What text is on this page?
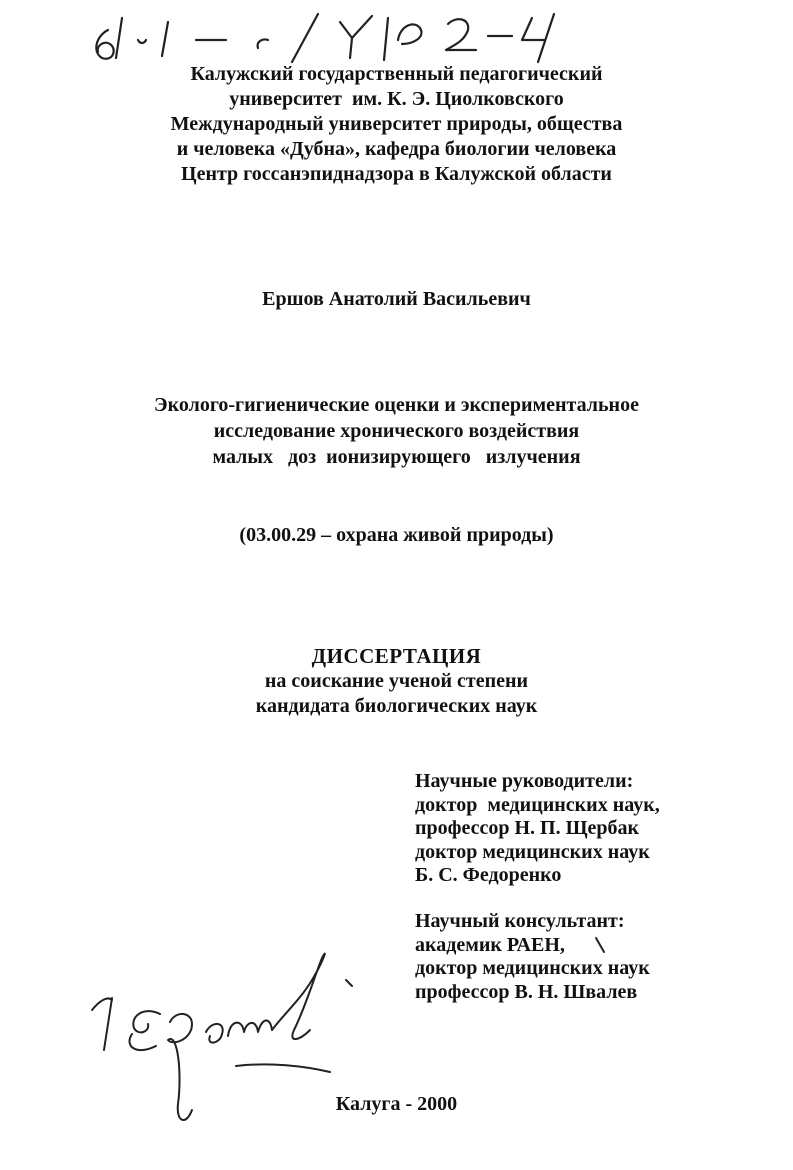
Калужский государственный педагогический
университет  им. К. Э. Циолковского
Международный университет природы, общества
и человека «Дубна», кафедра биологии человека
Центр госсанэпиднадзора в Калужской области
Ершов Анатолий Васильевич
Эколого-гигиенические оценки и экспериментальное
исследование хронического воздействия
малых   доз  ионизирующего   излучения
(03.00.29 – охрана живой природы)
ДИССЕРТАЦИЯ
на соискание ученой степени
кандидата биологических наук
Научные руководители:
доктор  медицинских наук,
профессор Н. П. Щербак
доктор медицинских наук
Б. С. Федоренко
Научный консультант:
академик РАЕН,
доктор медицинских наук
профессор В. Н. Швалев
Калуга - 2000
